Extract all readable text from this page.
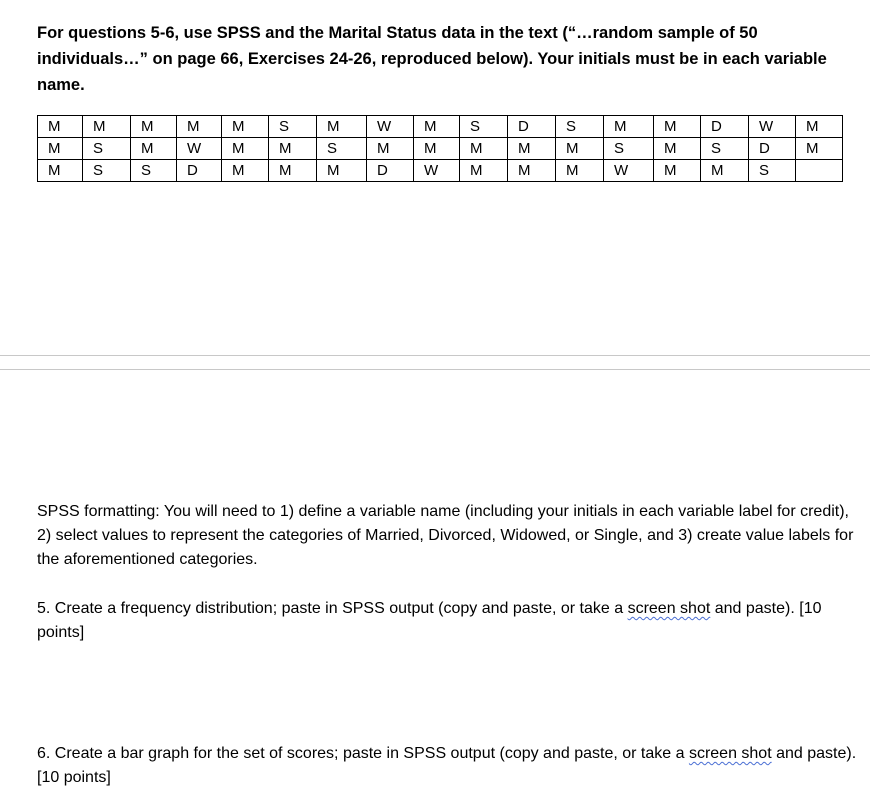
For questions 5-6, use SPSS and the Marital Status data in the text (“…random sample of 50 individuals…” on page 66, Exercises 24-26, reproduced below). Your initials must be in each variable name.

M	M	M	M	M	S	M	W	M	S	D	S	M	M	D	W	M
M	S	M	W	M	M	S	M	M	M	M	M	S	M	S	D	M
M	S	S	D	M	M	M	D	W	M	M	M	W	M	M	S	

SPSS formatting: You will need to 1) define a variable name (including your initials in each variable label for credit), 2) select values to represent the categories of Married, Divorced, Widowed, or Single, and 3) create value labels for the aforementioned categories.

5. Create a frequency distribution; paste in SPSS output (copy and paste, or take a screen shot and paste). [10 points]

6. Create a bar graph for the set of scores; paste in SPSS output (copy and paste, or take a screen shot and paste). [10 points]
